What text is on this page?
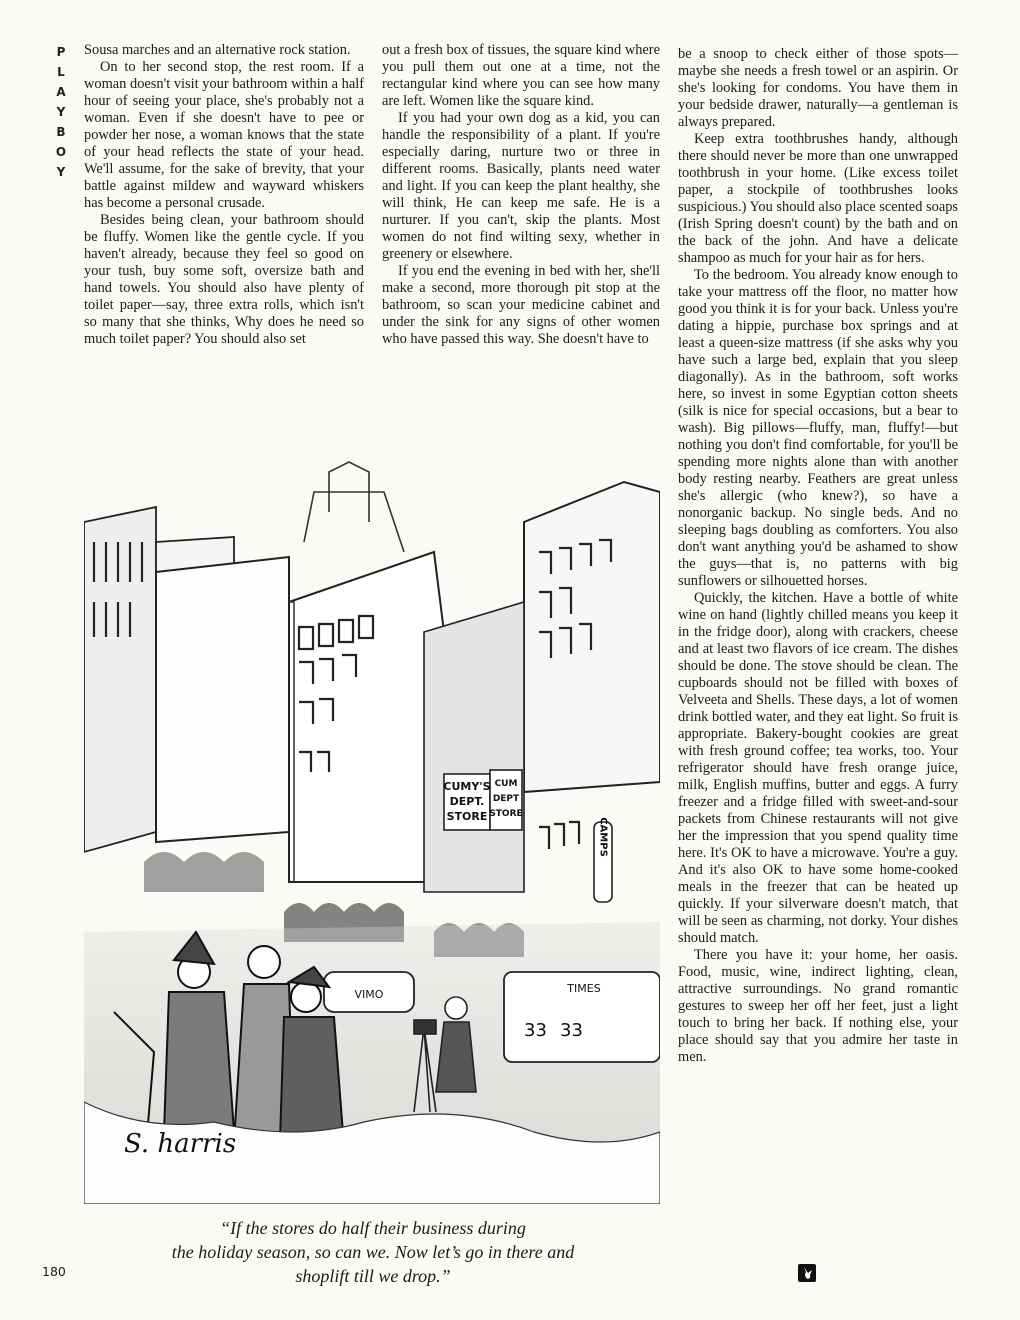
P
L
A
Y
B
O
Y

Sousa marches and an alternative rock station.

On to her second stop, the rest room. If a woman doesn't visit your bathroom within a half hour of seeing your place, she's probably not a woman. Even if she doesn't have to pee or powder her nose, a woman knows that the state of your head reflects the state of your head. We'll assume, for the sake of brevity, that your battle against mildew and wayward whiskers has become a personal crusade.

Besides being clean, your bathroom should be fluffy. Women like the gentle cycle. If you haven't already, because they feel so good on your tush, buy some soft, oversize bath and hand towels. You should also have plenty of toilet paper—say, three extra rolls, which isn't so many that she thinks, Why does he need so much toilet paper? You should also set

out a fresh box of tissues, the square kind where you pull them out one at a time, not the rectangular kind where you can see how many are left. Women like the square kind.

If you had your own dog as a kid, you can handle the responsibility of a plant. If you're especially daring, nurture two or three in different rooms. Basically, plants need water and light. If you can keep the plant healthy, she will think, He can keep me safe. He is a nurturer. If you can't, skip the plants. Most women do not find wilting sexy, whether in greenery or elsewhere.

If you end the evening in bed with her, she'll make a second, more thorough pit stop at the bathroom, so scan your medicine cabinet and under the sink for any signs of other women who have passed this way. She doesn't have to

be a snoop to check either of those spots—maybe she needs a fresh towel or an aspirin. Or she's looking for condoms. You have them in your bedside drawer, naturally—a gentleman is always prepared.

Keep extra toothbrushes handy, although there should never be more than one unwrapped toothbrush in your home. (Like excess toilet paper, a stockpile of toothbrushes looks suspicious.) You should also place scented soaps (Irish Spring doesn't count) by the bath and on the back of the john. And have a delicate shampoo as much for your hair as for hers.

To the bedroom. You already know enough to take your mattress off the floor, no matter how good you think it is for your back. Unless you're dating a hippie, purchase box springs and at least a queen-size mattress (if she asks why you have such a large bed, explain that you sleep diagonally). As in the bathroom, soft works here, so invest in some Egyptian cotton sheets (silk is nice for special occasions, but a bear to wash). Big pillows—fluffy, man, fluffy!—but nothing you don't find comfortable, for you'll be spending more nights alone than with another body resting nearby. Feathers are great unless she's allergic (who knew?), so have a nonorganic backup. No single beds. And no sleeping bags doubling as comforters. You also don't want anything you'd be ashamed to show the guys—that is, no patterns with big sunflowers or silhouetted horses.

Quickly, the kitchen. Have a bottle of white wine on hand (lightly chilled means you keep it in the fridge door), along with crackers, cheese and at least two flavors of ice cream. The dishes should be done. The stove should be clean. The cupboards should not be filled with boxes of Velveeta and Shells. These days, a lot of women drink bottled water, and they eat light. So fruit is appropriate. Bakery-bought cookies are great with fresh ground coffee; tea works, too. Your refrigerator should have fresh orange juice, milk, English muffins, butter and eggs. A furry freezer and a fridge filled with sweet-and-sour packets from Chinese restaurants will not give her the impression that you spend quality time here. It's OK to have a microwave. You're a guy. And it's also OK to have some home-cooked meals in the freezer that can be heated up quickly. If your silverware doesn't match, that will be seen as charming, not dorky. Your dishes should match.

There you have it: your home, her oasis. Food, music, wine, indirect lighting, clean, attractive surroundings. No grand romantic gestures to sweep her off her feet, just a light touch to bring her back. If nothing else, your place should say that you admire her taste in men.

CUMY'S
DEPT.
STORE
CUM
DEPT
STORE
CAMPS
VIMO	TIMES
33 33
S. harris
“If the stores do half their business during
the holiday season, so can we. Now let’s go in there and
shoplift till we drop.”
180
